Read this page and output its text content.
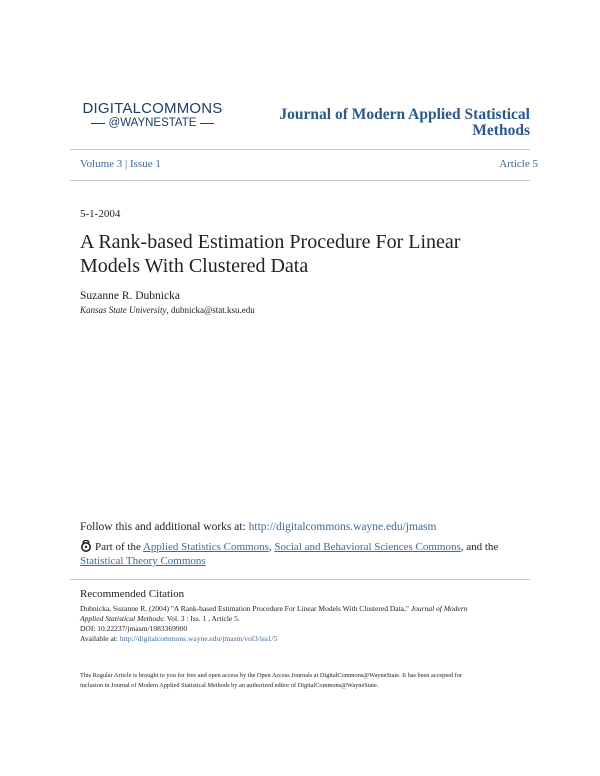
DIGITALCOMMONS
@WAYNESTATE	Journal of Modern Applied Statistical
Methods
Volume 3 | Issue 1	Article 5
5-1-2004
A Rank-based Estimation Procedure For Linear Models With Clustered Data
Suzanne R. Dubnicka
Kansas State University, dubnicka@stat.ksu.edu
Follow this and additional works at: http://digitalcommons.wayne.edu/jmasm
Part of the Applied Statistics Commons, Social and Behavioral Sciences Commons, and the Statistical Theory Commons
Recommended Citation
Dubnicka, Suzanne R. (2004) "A Rank-based Estimation Procedure For Linear Models With Clustered Data," Journal of Modern
Applied Statistical Methods: Vol. 3 : Iss. 1 , Article 5.
DOI: 10.22237/jmasm/1083369900
Available at: http://digitalcommons.wayne.edu/jmasm/vol3/iss1/5
This Regular Article is brought to you for free and open access by the Open Access Journals at DigitalCommons@WayneState. It has been accepted for
inclusion in Journal of Modern Applied Statistical Methods by an authorized editor of DigitalCommons@WayneState.
